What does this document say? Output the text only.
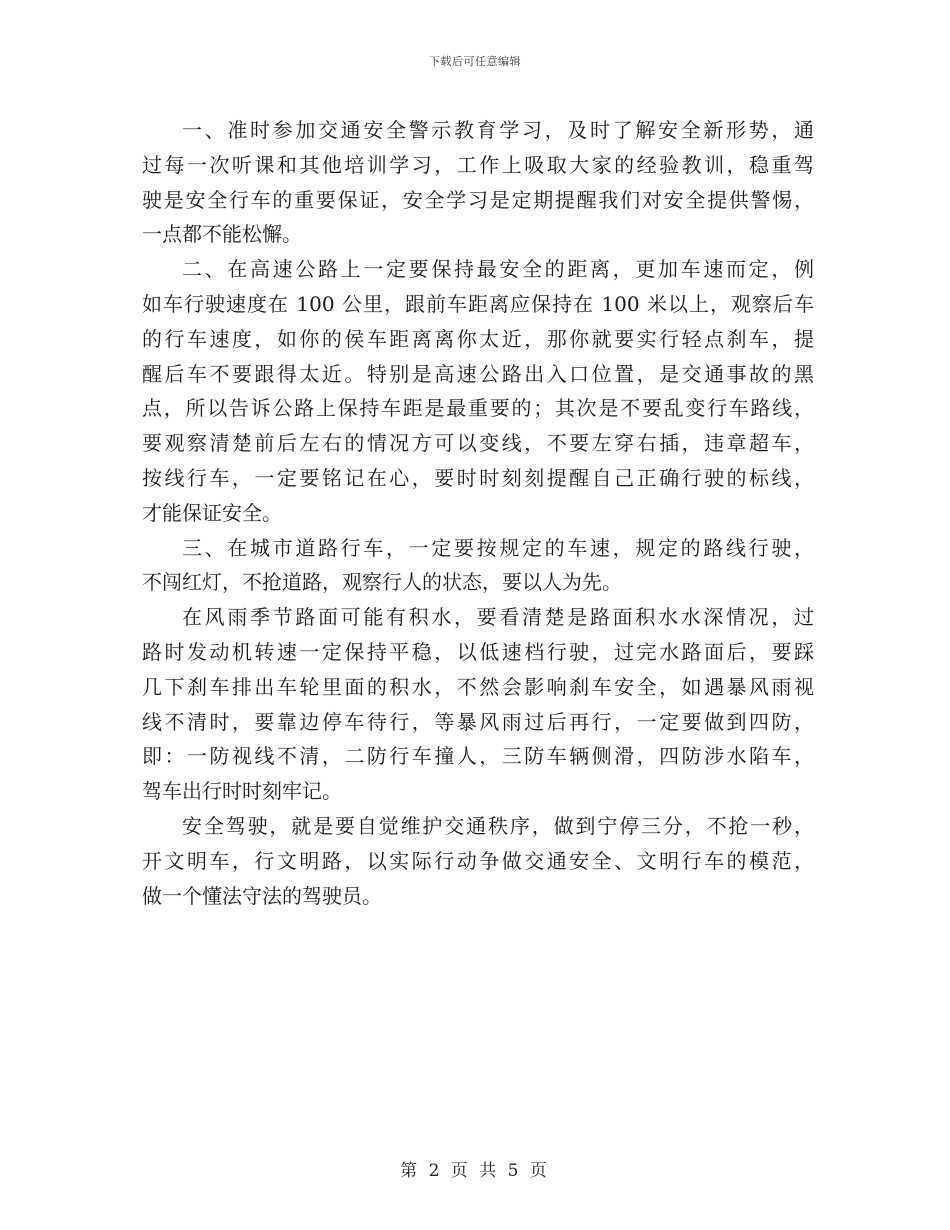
下载后可任意编辑
一、准时参加交通安全警示教育学习，及时了解安全新形势，通
过每一次听课和其他培训学习，工作上吸取大家的经验教训，稳重驾
驶是安全行车的重要保证，安全学习是定期提醒我们对安全提供警惕，
一点都不能松懈。
二、在高速公路上一定要保持最安全的距离，更加车速而定，例
如车行驶速度在 100 公里，跟前车距离应保持在 100 米以上，观察后车
的行车速度，如你的侯车距离离你太近，那你就要实行轻点刹车，提
醒后车不要跟得太近。特别是高速公路出入口位置，是交通事故的黑
点，所以告诉公路上保持车距是最重要的；其次是不要乱变行车路线，
要观察清楚前后左右的情况方可以变线，不要左穿右插，违章超车，
按线行车，一定要铭记在心，要时时刻刻提醒自己正确行驶的标线，
才能保证安全。
三、在城市道路行车，一定要按规定的车速，规定的路线行驶，
不闯红灯，不抢道路，观察行人的状态，要以人为先。
在风雨季节路面可能有积水，要看清楚是路面积水水深情况，过
路时发动机转速一定保持平稳，以低速档行驶，过完水路面后，要踩
几下刹车排出车轮里面的积水，不然会影响刹车安全，如遇暴风雨视
线不清时，要靠边停车待行，等暴风雨过后再行，一定要做到四防，
即：一防视线不清，二防行车撞人，三防车辆侧滑，四防涉水陷车，
驾车出行时时刻牢记。
安全驾驶，就是要自觉维护交通秩序，做到宁停三分，不抢一秒，
开文明车，行文明路，以实际行动争做交通安全、文明行车的模范，
做一个懂法守法的驾驶员。
第 2 页 共 5 页
